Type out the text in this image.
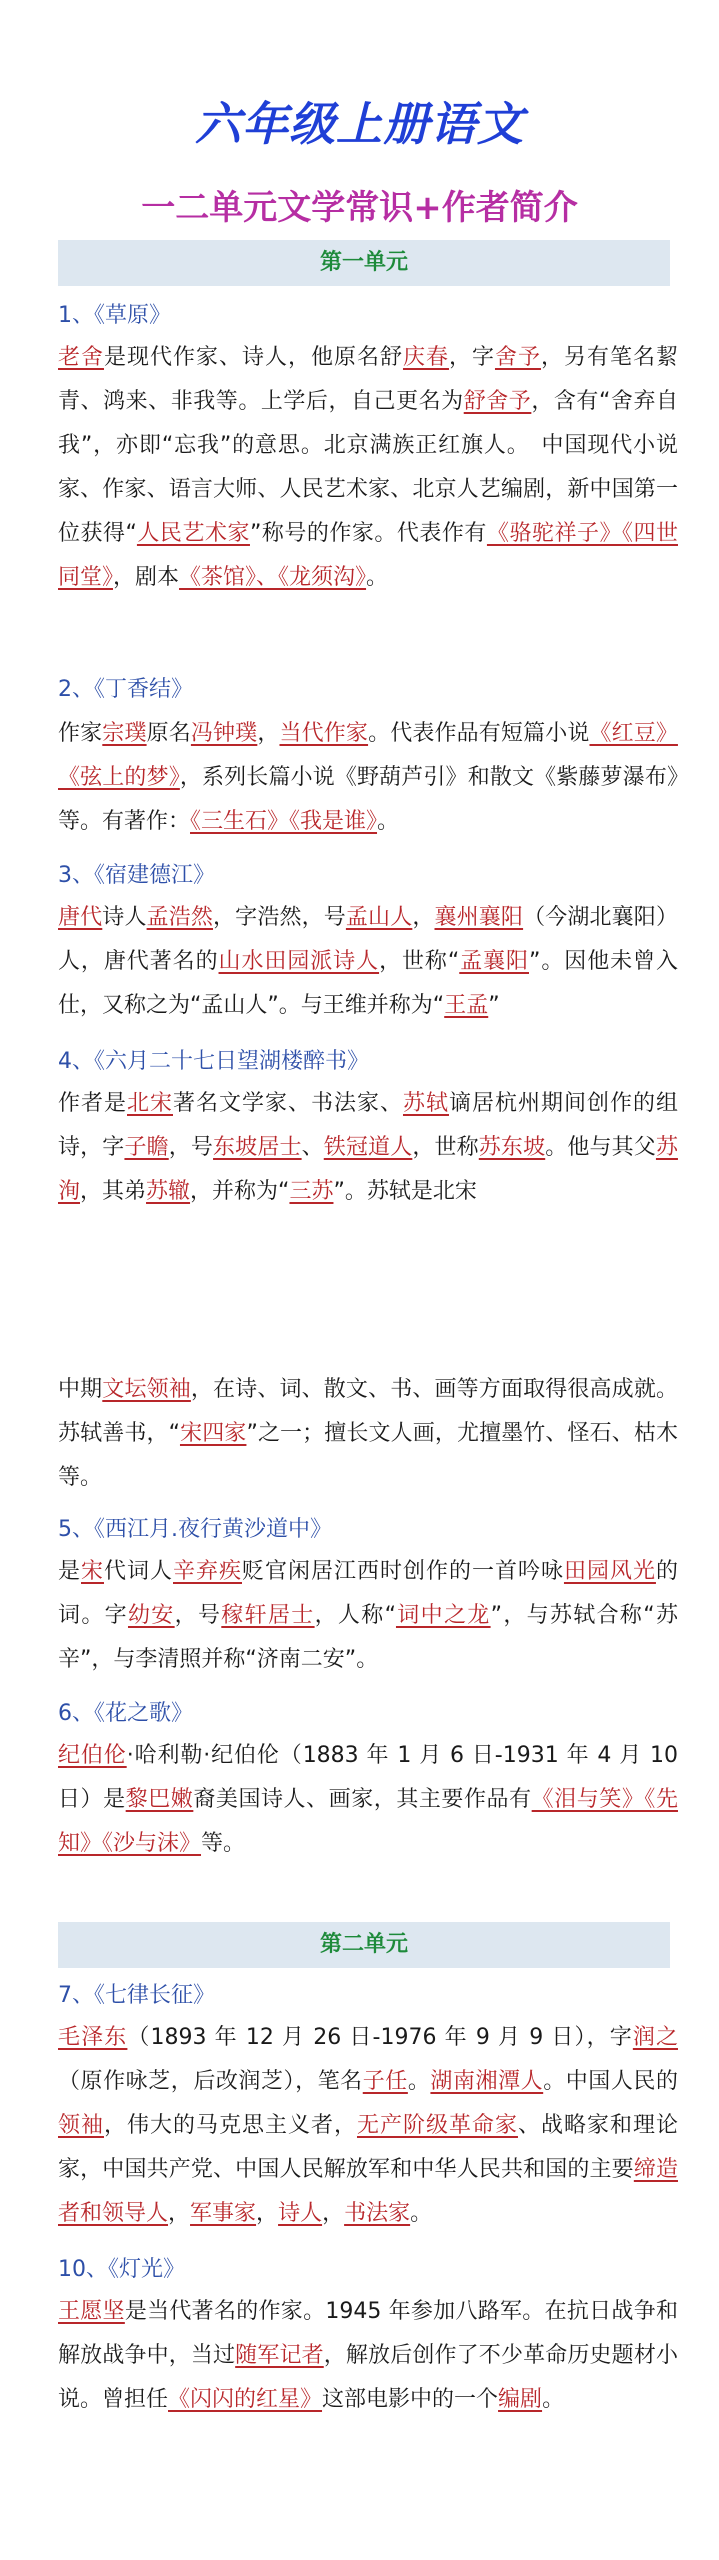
六年级上册语文
一二单元文学常识+作者简介
第一单元
1、《草原》
老舍是现代作家、诗人，他原名舒庆春，字舍予，另有笔名絜青、鸿来、非我等。上学后，自己更名为舒舍予，含有“舍弃自我”，亦即“忘我”的意思。北京满族正红旗人。　中国现代小说家、作家、语言大师、人民艺术家、北京人艺编剧，新中国第一位获得“人民艺术家”称号的作家。代表作有《骆驼祥子》《四世同堂》，剧本《茶馆》、《龙须沟》。
2、《丁香结》
作家宗璞原名冯钟璞，当代作家。代表作品有短篇小说《红豆》《弦上的梦》，系列长篇小说《野葫芦引》和散文《紫藤萝瀑布》等。有著作：《三生石》《我是谁》。
3、《宿建德江》
唐代诗人孟浩然，字浩然，号孟山人，襄州襄阳（今湖北襄阳）人，唐代著名的山水田园派诗人，世称“孟襄阳”。因他未曾入仕，又称之为“孟山人”。与王维并称为“王孟”
4、《六月二十七日望湖楼醉书》
作者是北宋著名文学家、书法家、苏轼谪居杭州期间创作的组诗，字子瞻，号东坡居士、铁冠道人，世称苏东坡。他与其父苏洵，其弟苏辙，并称为“三苏”。苏轼是北宋
中期文坛领袖，在诗、词、散文、书、画等方面取得很高成就。苏轼善书，“宋四家”之一；擅长文人画，尤擅墨竹、怪石、枯木等。
5、《西江月.夜行黄沙道中》
是宋代词人辛弃疾贬官闲居江西时创作的一首吟咏田园风光的词。字幼安，号稼轩居士，人称“词中之龙”，与苏轼合称“苏辛”，与李清照并称“济南二安”。
6、《花之歌》
纪伯伦·哈利勒·纪伯伦（1883 年 1 月 6 日-1931 年 4 月 10 日）是黎巴嫩裔美国诗人、画家，其主要作品有《泪与笑》《先知》《沙与沫》等。
第二单元
7、《七律长征》
毛泽东（1893 年 12 月 26 日-1976 年 9 月 9 日），字润之（原作咏芝，后改润芝），笔名子任。湖南湘潭人。中国人民的领袖，伟大的马克思主义者，无产阶级革命家、战略家和理论家，中国共产党、中国人民解放军和中华人民共和国的主要缔造者和领导人，军事家，诗人，书法家。
10、《灯光》
王愿坚是当代著名的作家。1945 年参加八路军。在抗日战争和解放战争中，当过随军记者，解放后创作了不少革命历史题材小说。曾担任《闪闪的红星》这部电影中的一个编剧。
